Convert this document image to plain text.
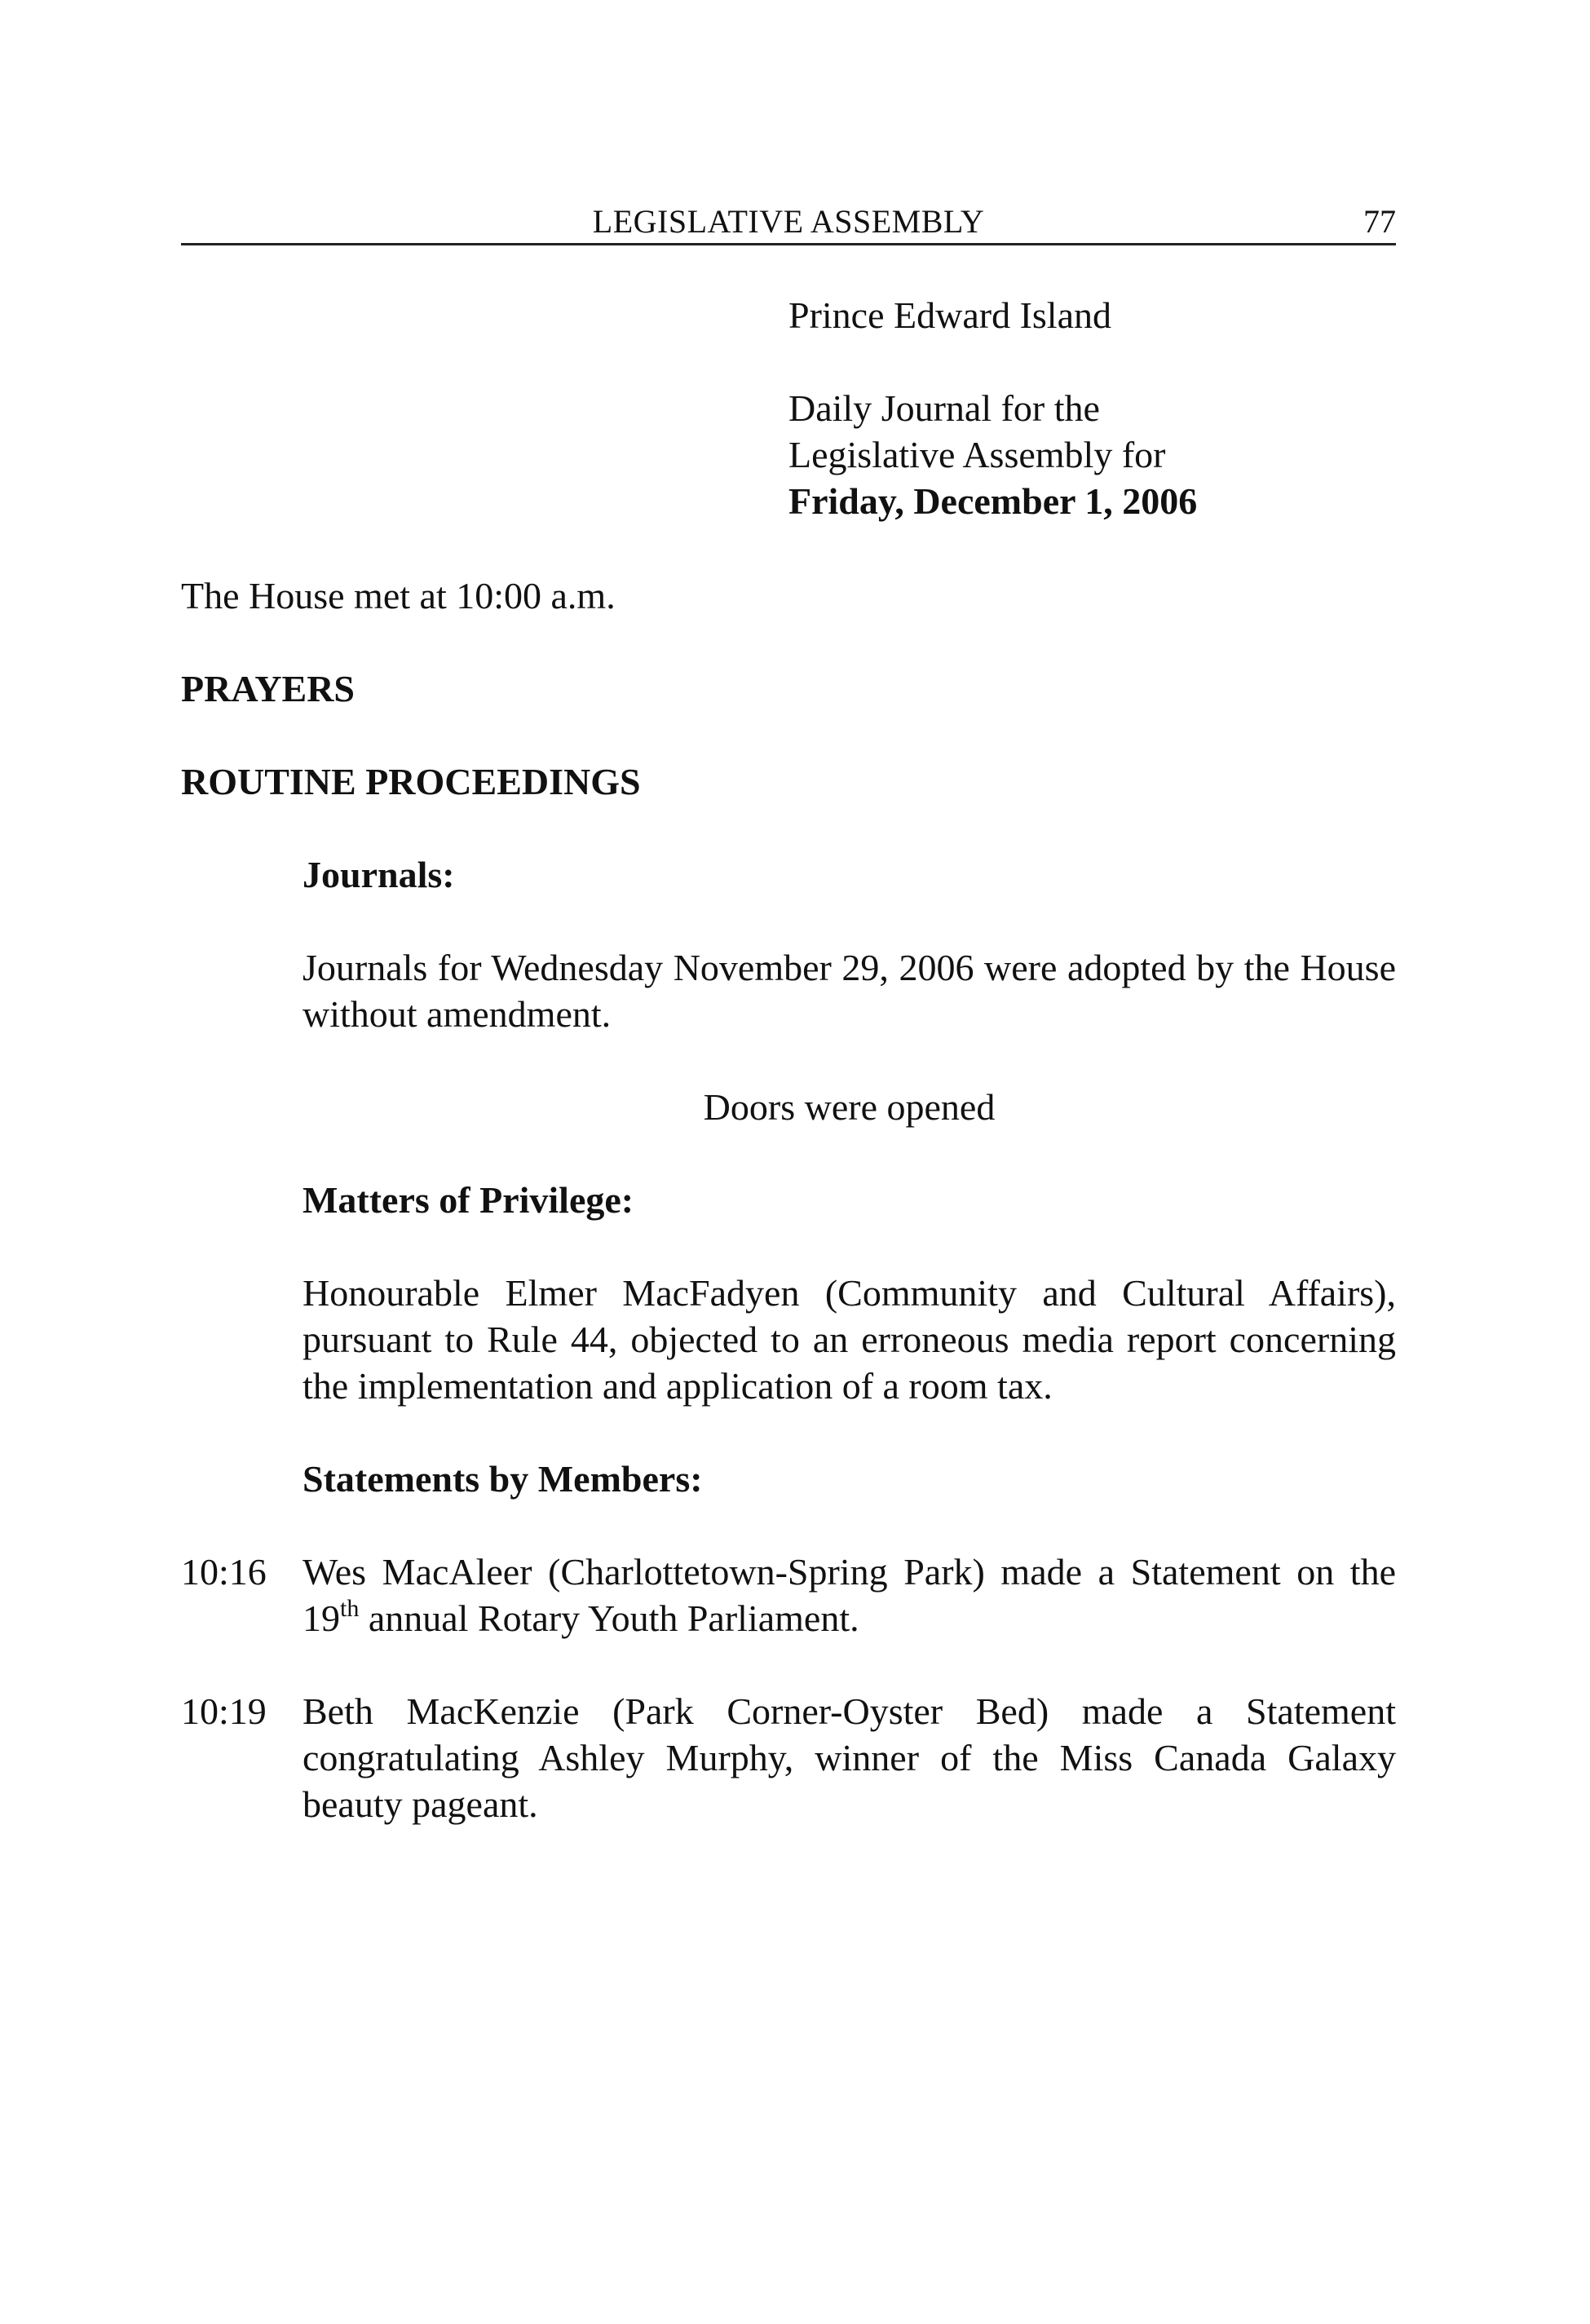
LEGISLATIVE ASSEMBLY	77
Prince Edward Island
Daily Journal for the
Legislative Assembly for
Friday, December 1, 2006
The House met at 10:00 a.m.
PRAYERS
ROUTINE PROCEEDINGS
Journals:
Journals for Wednesday November 29, 2006 were adopted by the House without amendment.
Doors were opened
Matters of Privilege:
Honourable Elmer MacFadyen (Community and Cultural Affairs), pursuant to Rule 44, objected to an erroneous media report concerning the implementation and application of a room tax.
Statements by Members:
10:16 Wes MacAleer (Charlottetown-Spring Park) made a Statement on the 19th annual Rotary Youth Parliament.
10:19 Beth MacKenzie (Park Corner-Oyster Bed) made a Statement congratulating Ashley Murphy, winner of the Miss Canada Galaxy beauty pageant.
